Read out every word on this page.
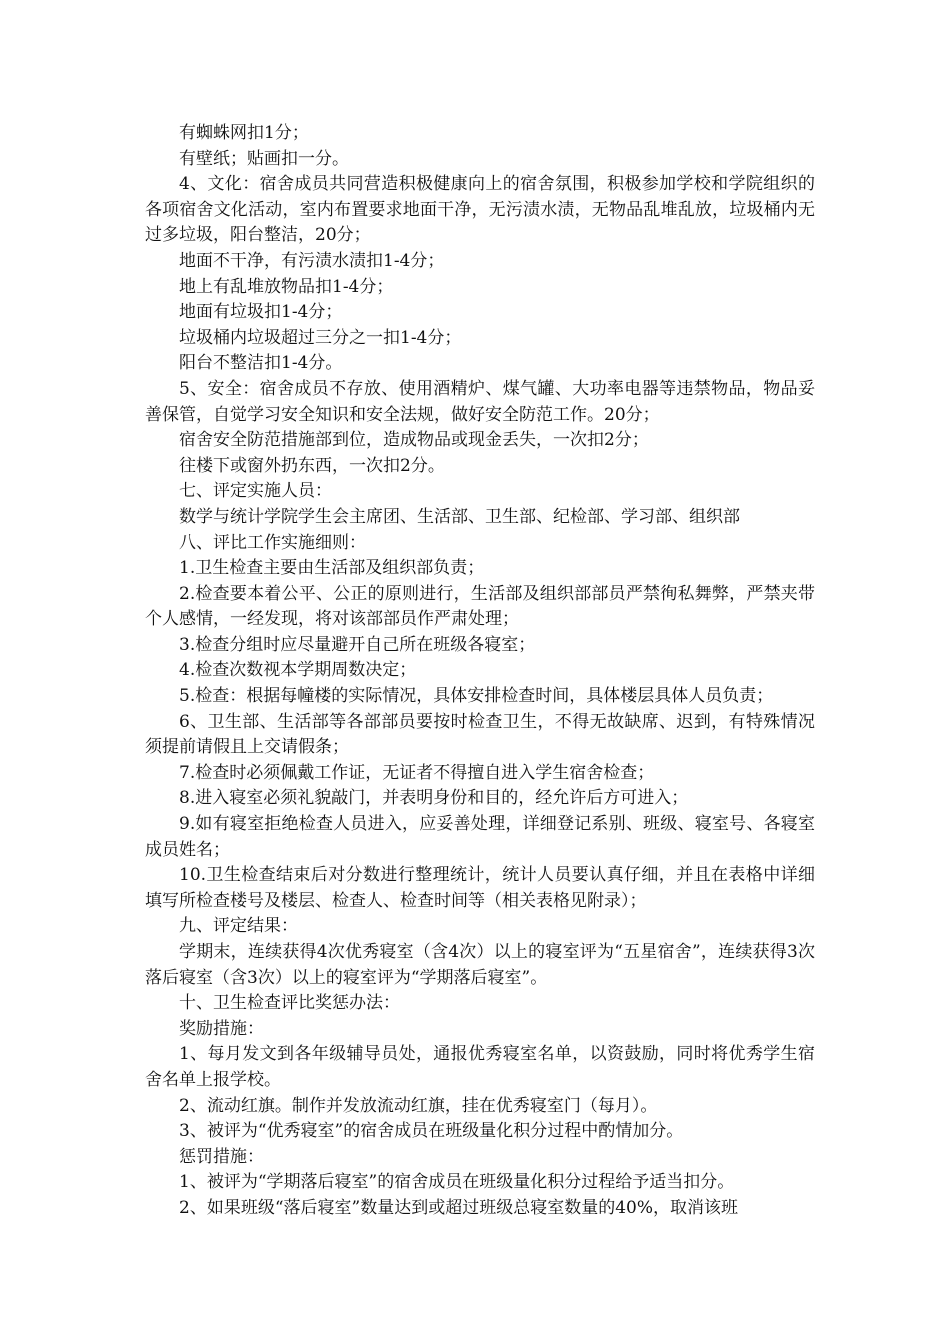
有蜘蛛网扣1分；

有壁纸；贴画扣一分。

4、文化：宿舍成员共同营造积极健康向上的宿舍氛围，积极参加学校和学院组织的各项宿舍文化活动，室内布置要求地面干净，无污渍水渍，无物品乱堆乱放，垃圾桶内无过多垃圾，阳台整洁，20分；

地面不干净，有污渍水渍扣1-4分；

地上有乱堆放物品扣1-4分；

地面有垃圾扣1-4分；

垃圾桶内垃圾超过三分之一扣1-4分；

阳台不整洁扣1-4分。

5、安全：宿舍成员不存放、使用酒精炉、煤气罐、大功率电器等违禁物品，物品妥善保管，自觉学习安全知识和安全法规，做好安全防范工作。20分；

宿舍安全防范措施部到位，造成物品或现金丢失，一次扣2分；

往楼下或窗外扔东西，一次扣2分。

七、评定实施人员：

数学与统计学院学生会主席团、生活部、卫生部、纪检部、学习部、组织部

八、评比工作实施细则：

1.卫生检查主要由生活部及组织部负责；

2.检查要本着公平、公正的原则进行，生活部及组织部部员严禁徇私舞弊，严禁夹带个人感情，一经发现，将对该部部员作严肃处理；

3.检查分组时应尽量避开自己所在班级各寝室；

4.检查次数视本学期周数决定；

5.检查：根据每幢楼的实际情况，具体安排检查时间，具体楼层具体人员负责；

6、卫生部、生活部等各部部员要按时检查卫生，不得无故缺席、迟到，有特殊情况须提前请假且上交请假条；

7.检查时必须佩戴工作证，无证者不得擅自进入学生宿舍检查；

8.进入寝室必须礼貌敲门，并表明身份和目的，经允许后方可进入；

9.如有寝室拒绝检查人员进入，应妥善处理，详细登记系别、班级、寝室号、各寝室成员姓名；

10.卫生检查结束后对分数进行整理统计，统计人员要认真仔细，并且在表格中详细填写所检查楼号及楼层、检查人、检查时间等（相关表格见附录）；

九、评定结果：

学期末，连续获得4次优秀寝室（含4次）以上的寝室评为“五星宿舍”，连续获得3次落后寝室（含3次）以上的寝室评为“学期落后寝室”。

十、卫生检查评比奖惩办法：

奖励措施：

1、每月发文到各年级辅导员处，通报优秀寝室名单，以资鼓励，同时将优秀学生宿舍名单上报学校。

2、流动红旗。制作并发放流动红旗，挂在优秀寝室门（每月）。

3、被评为“优秀寝室”的宿舍成员在班级量化积分过程中酌情加分。

惩罚措施：

1、被评为“学期落后寝室”的宿舍成员在班级量化积分过程给予适当扣分。

2、如果班级“落后寝室”数量达到或超过班级总寝室数量的40%，取消该班
